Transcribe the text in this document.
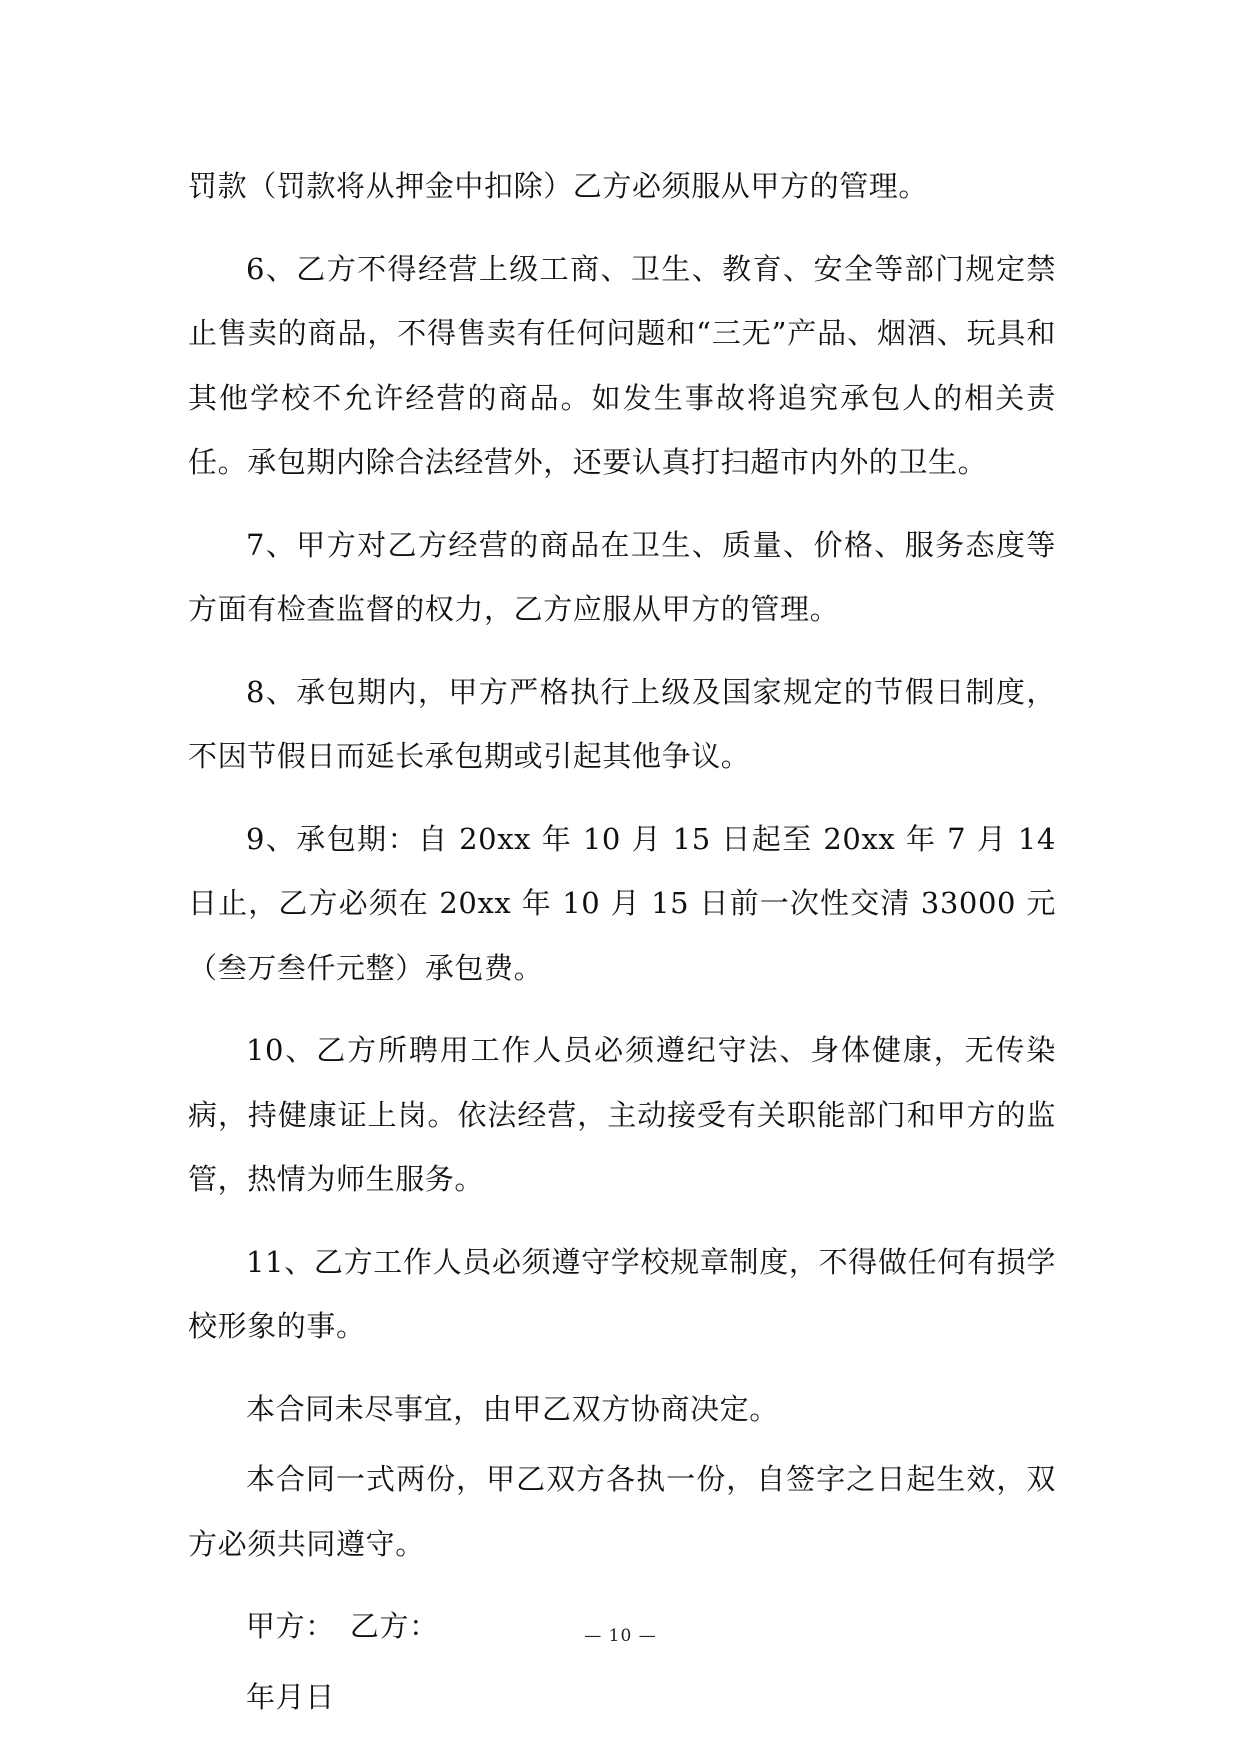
罚款（罚款将从押金中扣除）乙方必须服从甲方的管理。

6、乙方不得经营上级工商、卫生、教育、安全等部门规定禁止售卖的商品，不得售卖有任何问题和“三无”产品、烟酒、玩具和其他学校不允许经营的商品。如发生事故将追究承包人的相关责任。承包期内除合法经营外，还要认真打扫超市内外的卫生。

7、甲方对乙方经营的商品在卫生、质量、价格、服务态度等方面有检查监督的权力，乙方应服从甲方的管理。

8、承包期内，甲方严格执行上级及国家规定的节假日制度，不因节假日而延长承包期或引起其他争议。

9、承包期：自 20xx 年 10 月 15 日起至 20xx 年 7 月 14 日止，乙方必须在 20xx 年 10 月 15 日前一次性交清 33000 元（叁万叁仟元整）承包费。

10、乙方所聘用工作人员必须遵纪守法、身体健康，无传染病，持健康证上岗。依法经营，主动接受有关职能部门和甲方的监管，热情为师生服务。

11、乙方工作人员必须遵守学校规章制度，不得做任何有损学校形象的事。

本合同未尽事宜，由甲乙双方协商决定。

本合同一式两份，甲乙双方各执一份，自签字之日起生效，双方必须共同遵守。

甲方：　乙方：

年月日

— 10 —
